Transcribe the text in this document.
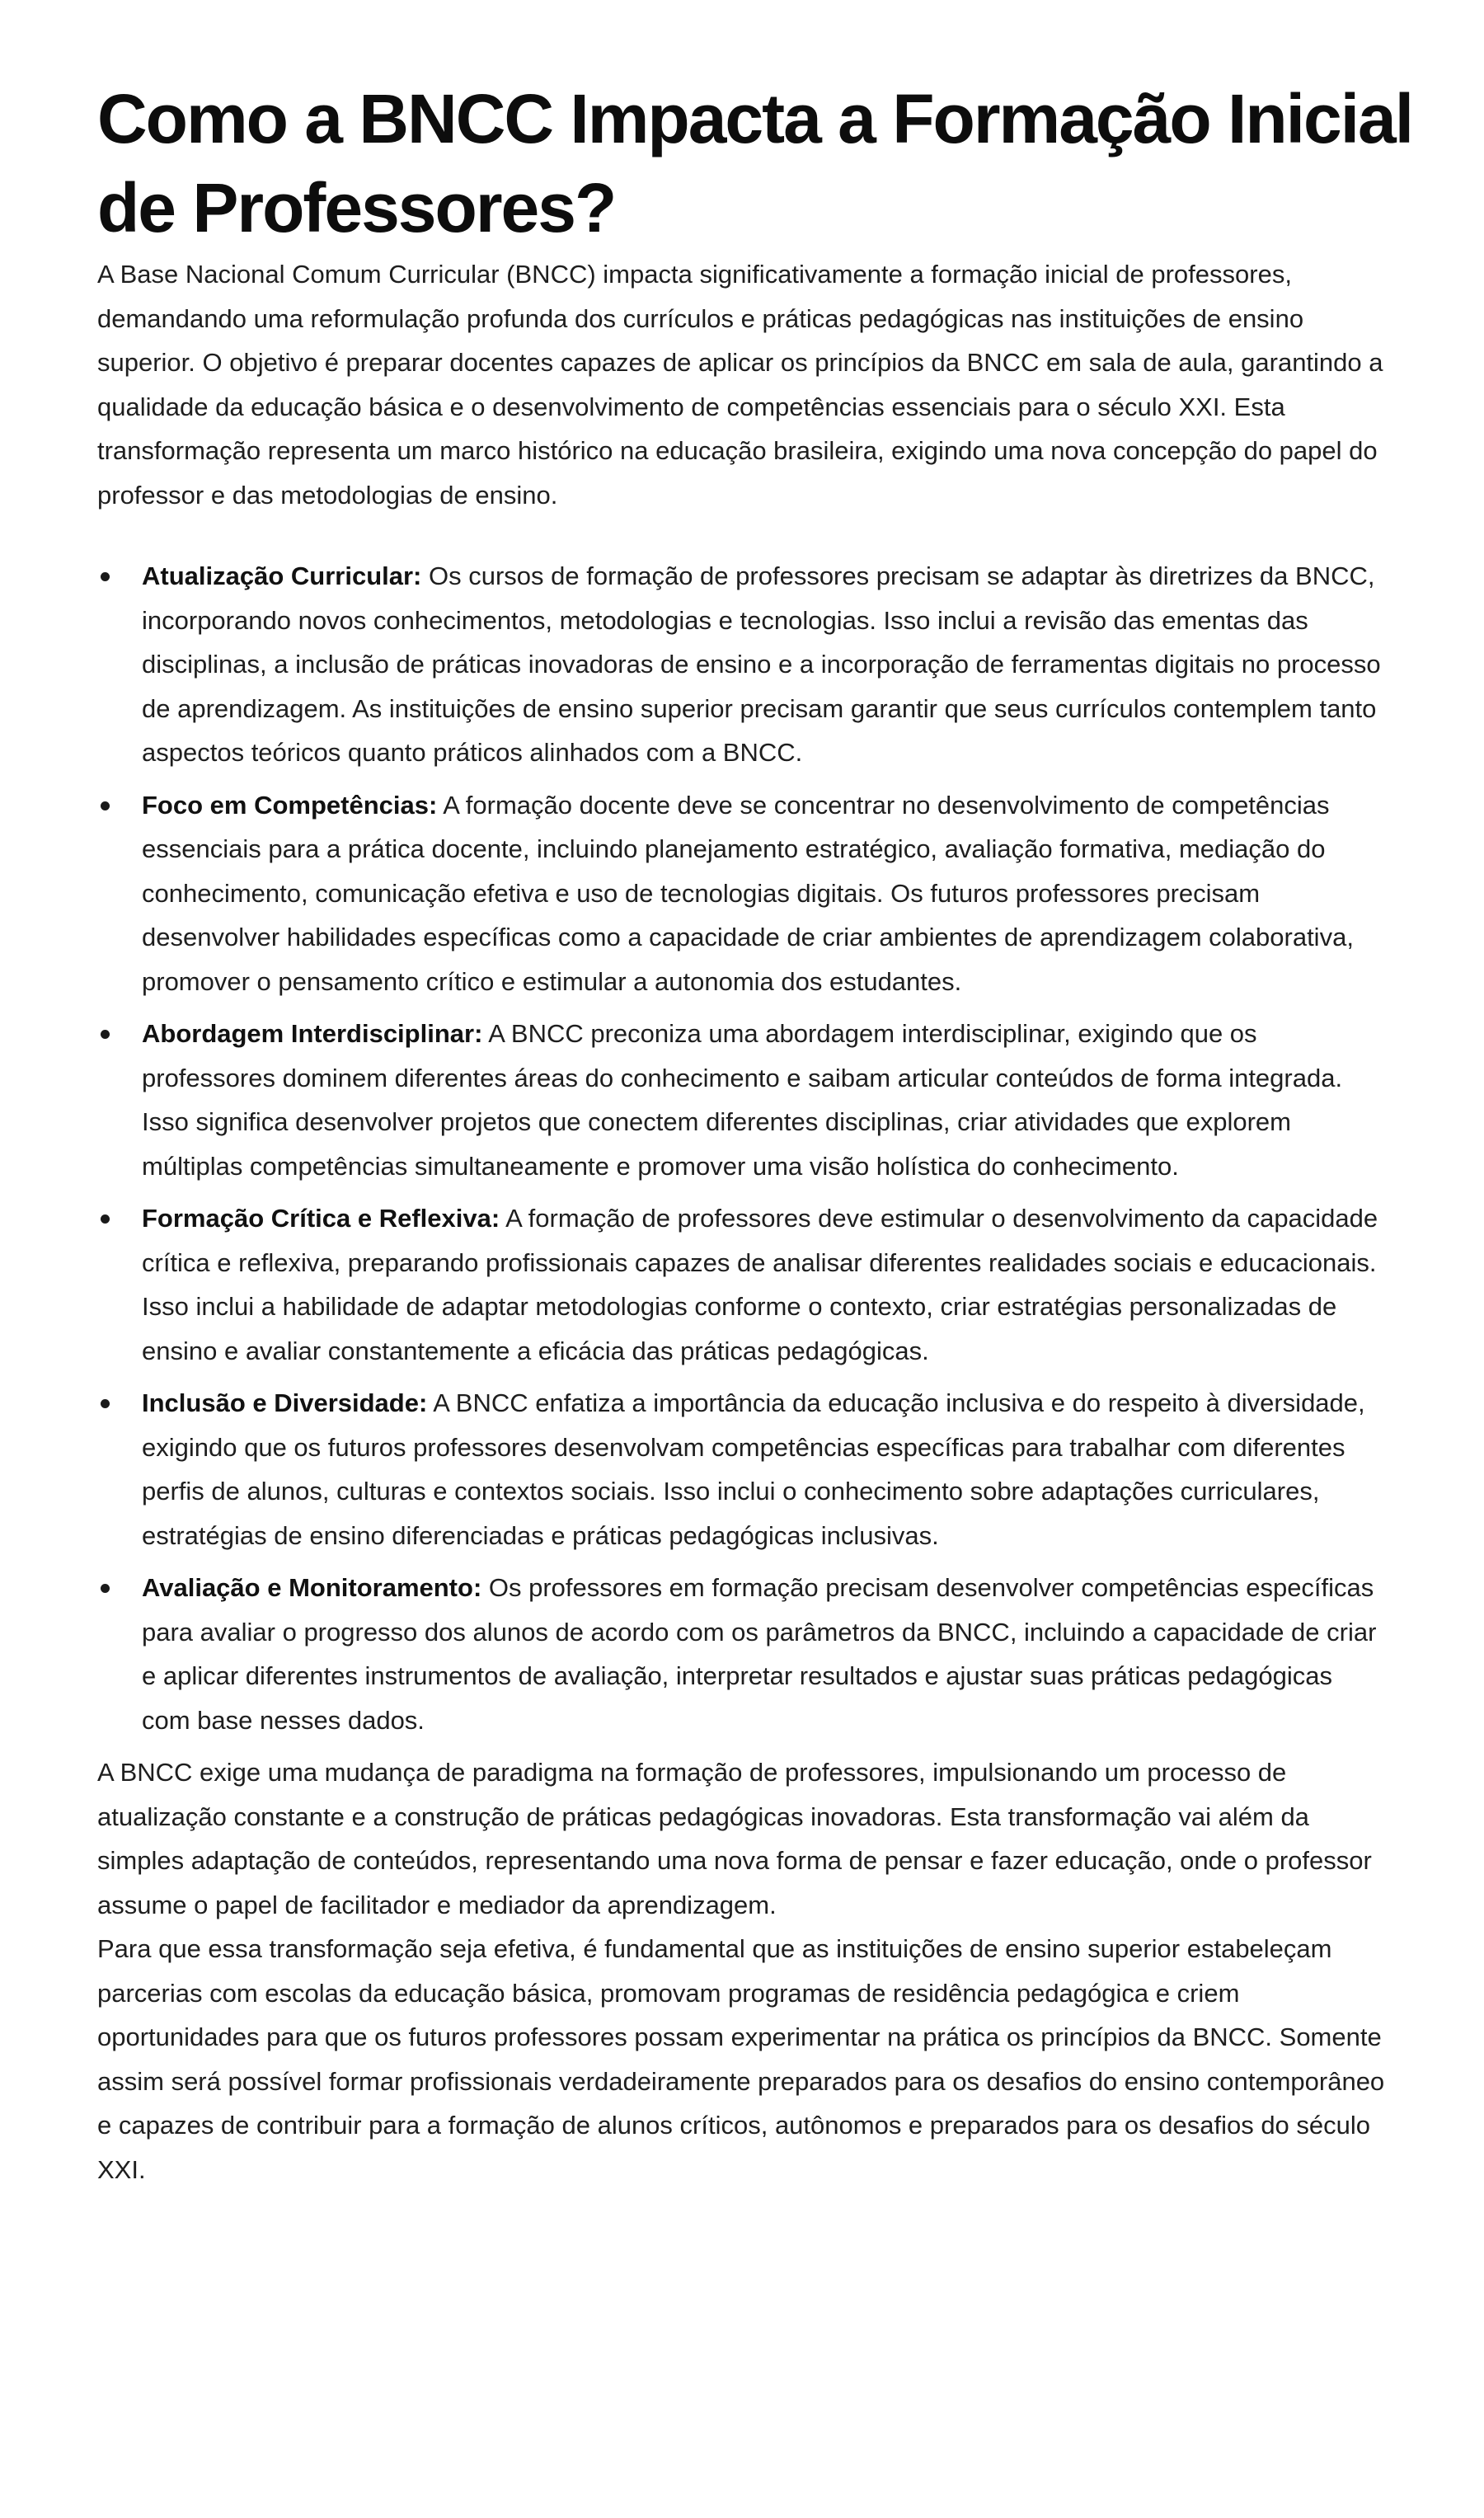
Como a BNCC Impacta a Formação Inicial de Professores?

A Base Nacional Comum Curricular (BNCC) impacta significativamente a formação inicial de professores, demandando uma reformulação profunda dos currículos e práticas pedagógicas nas instituições de ensino superior. O objetivo é preparar docentes capazes de aplicar os princípios da BNCC em sala de aula, garantindo a qualidade da educação básica e o desenvolvimento de competências essenciais para o século XXI. Esta transformação representa um marco histórico na educação brasileira, exigindo uma nova concepção do papel do professor e das metodologias de ensino.

Atualização Curricular: Os cursos de formação de professores precisam se adaptar às diretrizes da BNCC, incorporando novos conhecimentos, metodologias e tecnologias. Isso inclui a revisão das ementas das disciplinas, a inclusão de práticas inovadoras de ensino e a incorporação de ferramentas digitais no processo de aprendizagem. As instituições de ensino superior precisam garantir que seus currículos contemplem tanto aspectos teóricos quanto práticos alinhados com a BNCC.
Foco em Competências: A formação docente deve se concentrar no desenvolvimento de competências essenciais para a prática docente, incluindo planejamento estratégico, avaliação formativa, mediação do conhecimento, comunicação efetiva e uso de tecnologias digitais. Os futuros professores precisam desenvolver habilidades específicas como a capacidade de criar ambientes de aprendizagem colaborativa, promover o pensamento crítico e estimular a autonomia dos estudantes.
Abordagem Interdisciplinar: A BNCC preconiza uma abordagem interdisciplinar, exigindo que os professores dominem diferentes áreas do conhecimento e saibam articular conteúdos de forma integrada. Isso significa desenvolver projetos que conectem diferentes disciplinas, criar atividades que explorem múltiplas competências simultaneamente e promover uma visão holística do conhecimento.
Formação Crítica e Reflexiva: A formação de professores deve estimular o desenvolvimento da capacidade crítica e reflexiva, preparando profissionais capazes de analisar diferentes realidades sociais e educacionais. Isso inclui a habilidade de adaptar metodologias conforme o contexto, criar estratégias personalizadas de ensino e avaliar constantemente a eficácia das práticas pedagógicas.
Inclusão e Diversidade: A BNCC enfatiza a importância da educação inclusiva e do respeito à diversidade, exigindo que os futuros professores desenvolvam competências específicas para trabalhar com diferentes perfis de alunos, culturas e contextos sociais. Isso inclui o conhecimento sobre adaptações curriculares, estratégias de ensino diferenciadas e práticas pedagógicas inclusivas.
Avaliação e Monitoramento: Os professores em formação precisam desenvolver competências específicas para avaliar o progresso dos alunos de acordo com os parâmetros da BNCC, incluindo a capacidade de criar e aplicar diferentes instrumentos de avaliação, interpretar resultados e ajustar suas práticas pedagógicas com base nesses dados.

A BNCC exige uma mudança de paradigma na formação de professores, impulsionando um processo de atualização constante e a construção de práticas pedagógicas inovadoras. Esta transformação vai além da simples adaptação de conteúdos, representando uma nova forma de pensar e fazer educação, onde o professor assume o papel de facilitador e mediador da aprendizagem.

Para que essa transformação seja efetiva, é fundamental que as instituições de ensino superior estabeleçam parcerias com escolas da educação básica, promovam programas de residência pedagógica e criem oportunidades para que os futuros professores possam experimentar na prática os princípios da BNCC. Somente assim será possível formar profissionais verdadeiramente preparados para os desafios do ensino contemporâneo e capazes de contribuir para a formação de alunos críticos, autônomos e preparados para os desafios do século XXI.
